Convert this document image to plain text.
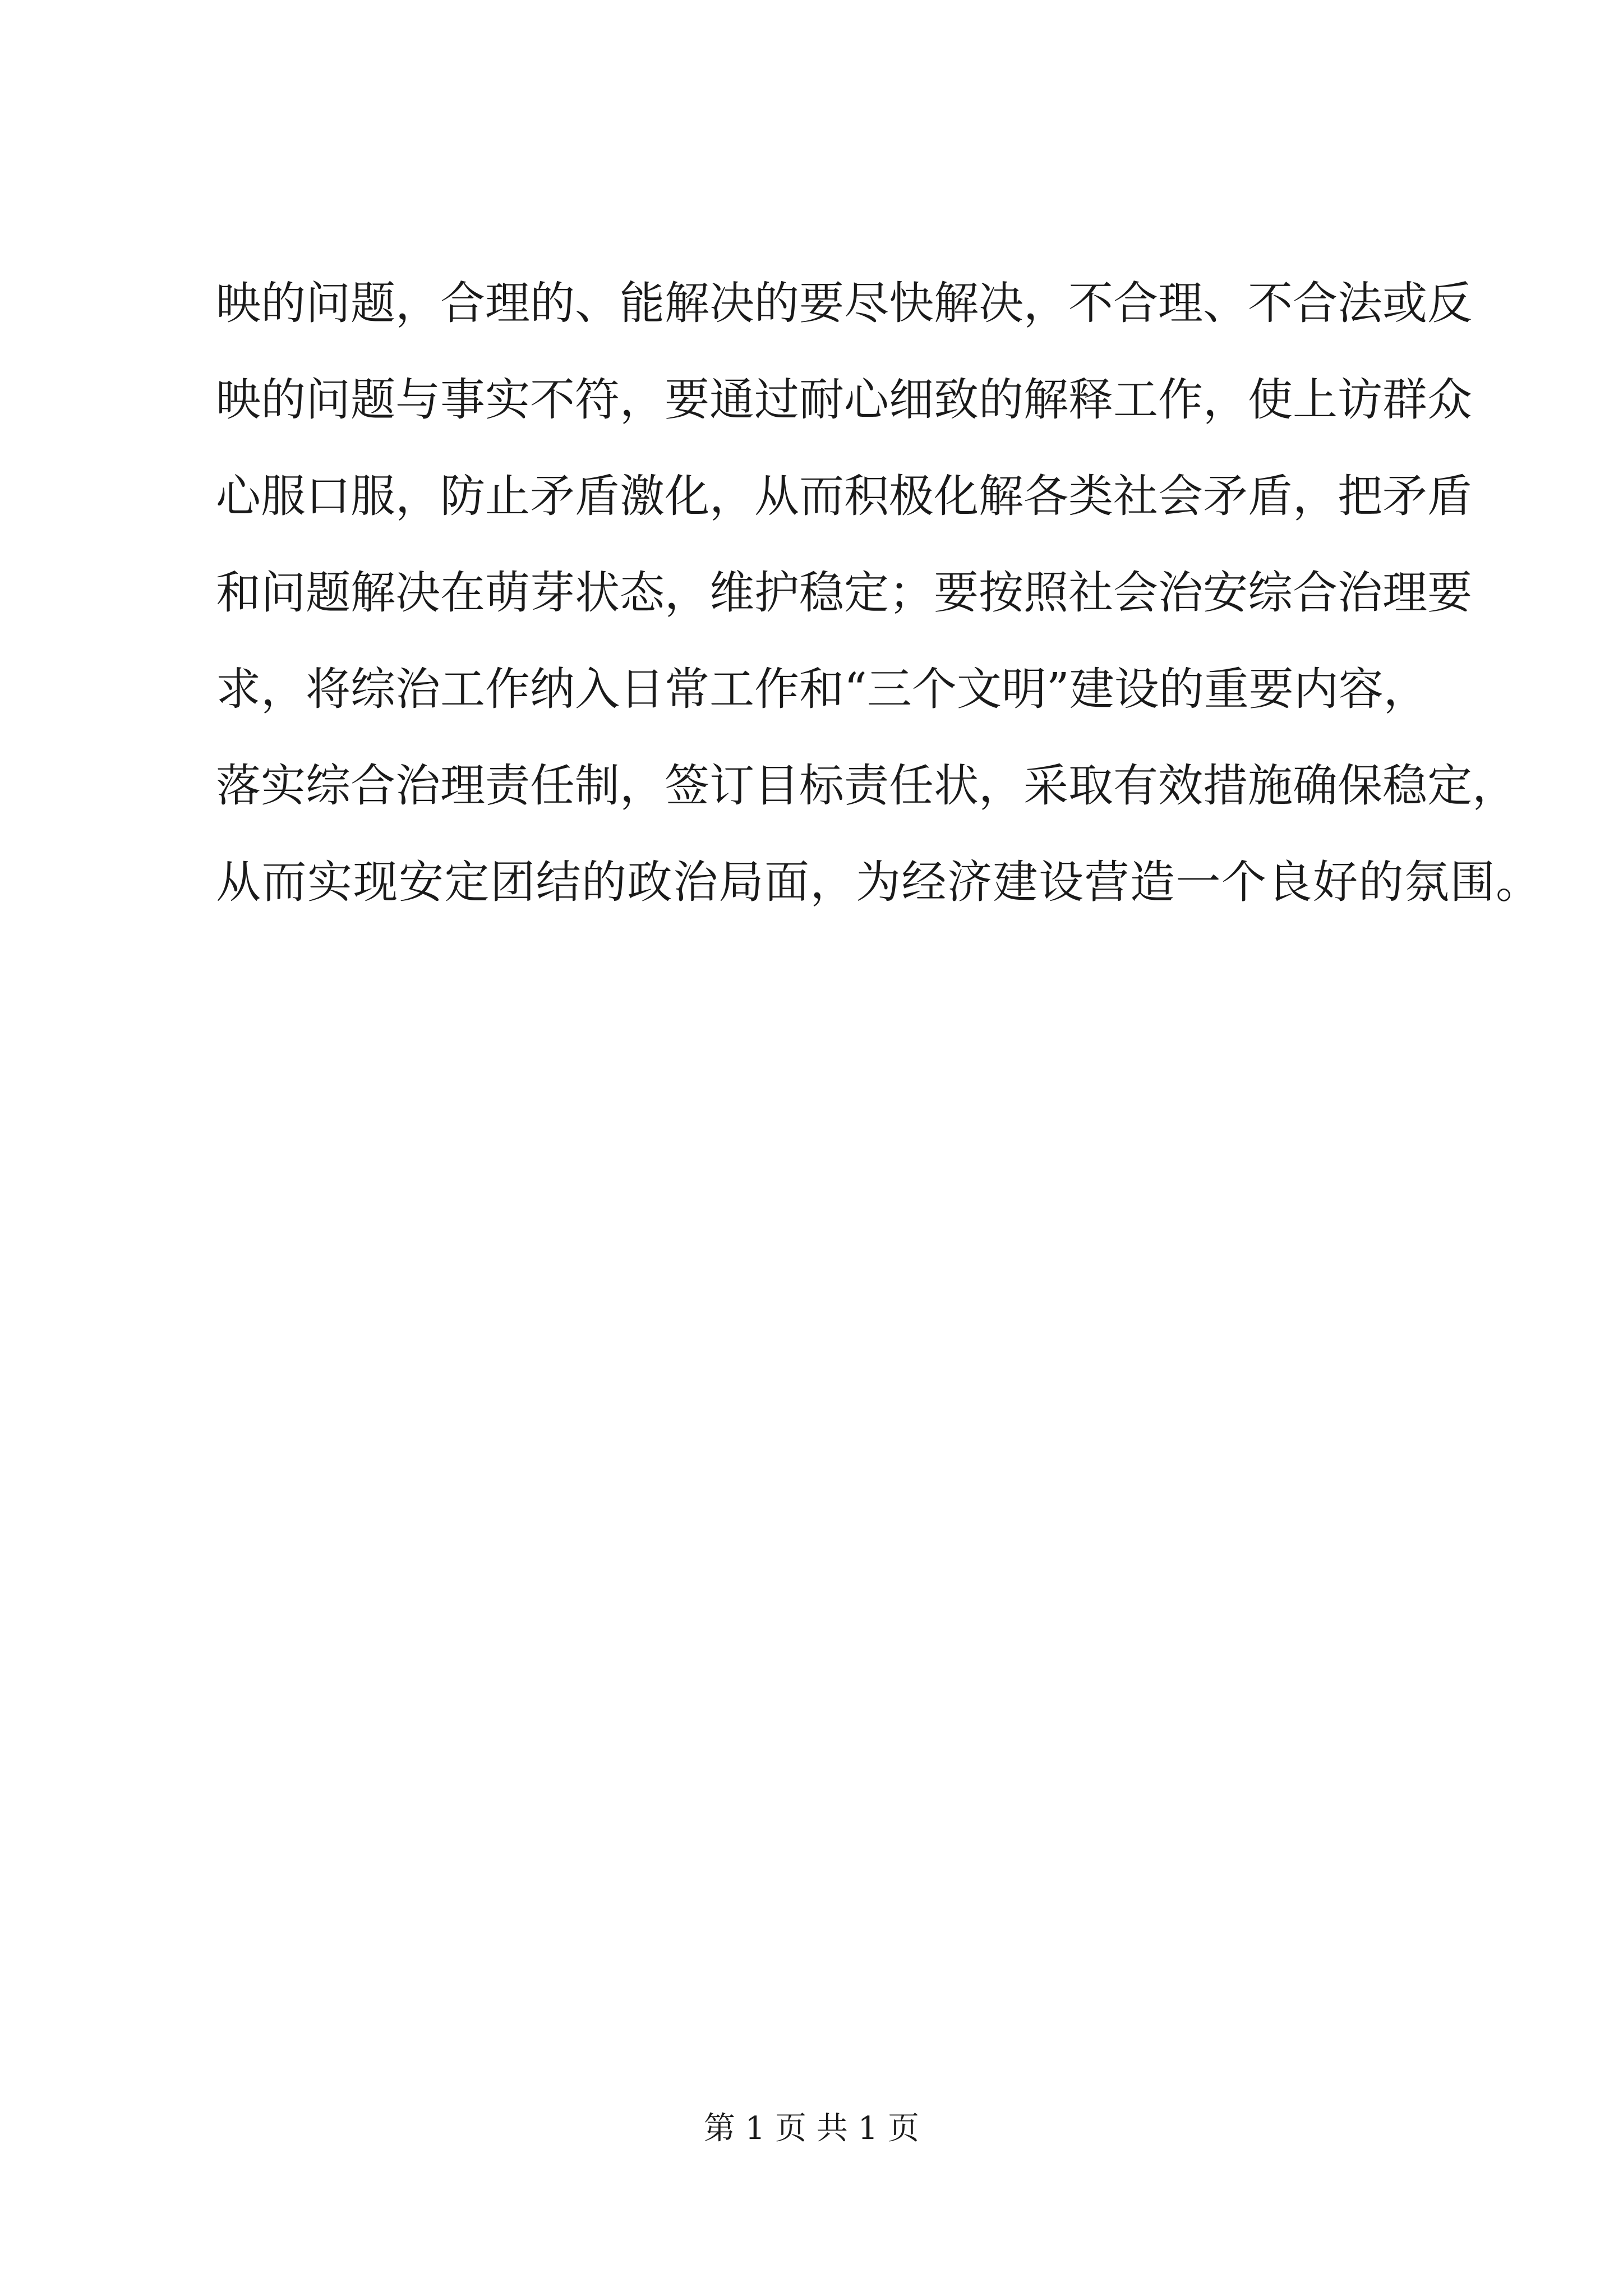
映的问题，合理的、能解决的要尽快解决，不合理、不合法或反
映的问题与事实不符，要通过耐心细致的解释工作，使上访群众
心服口服，防止矛盾激化，从而积极化解各类社会矛盾，把矛盾
和问题解决在萌芽状态，维护稳定；要按照社会治安综合治理要
求，将综治工作纳入日常工作和“三个文明”建设的重要内容，
落实综合治理责任制，签订目标责任状，采取有效措施确保稳定，
从而实现安定团结的政治局面，为经济建设营造一个良好的氛围。
第 1 页 共 1 页
